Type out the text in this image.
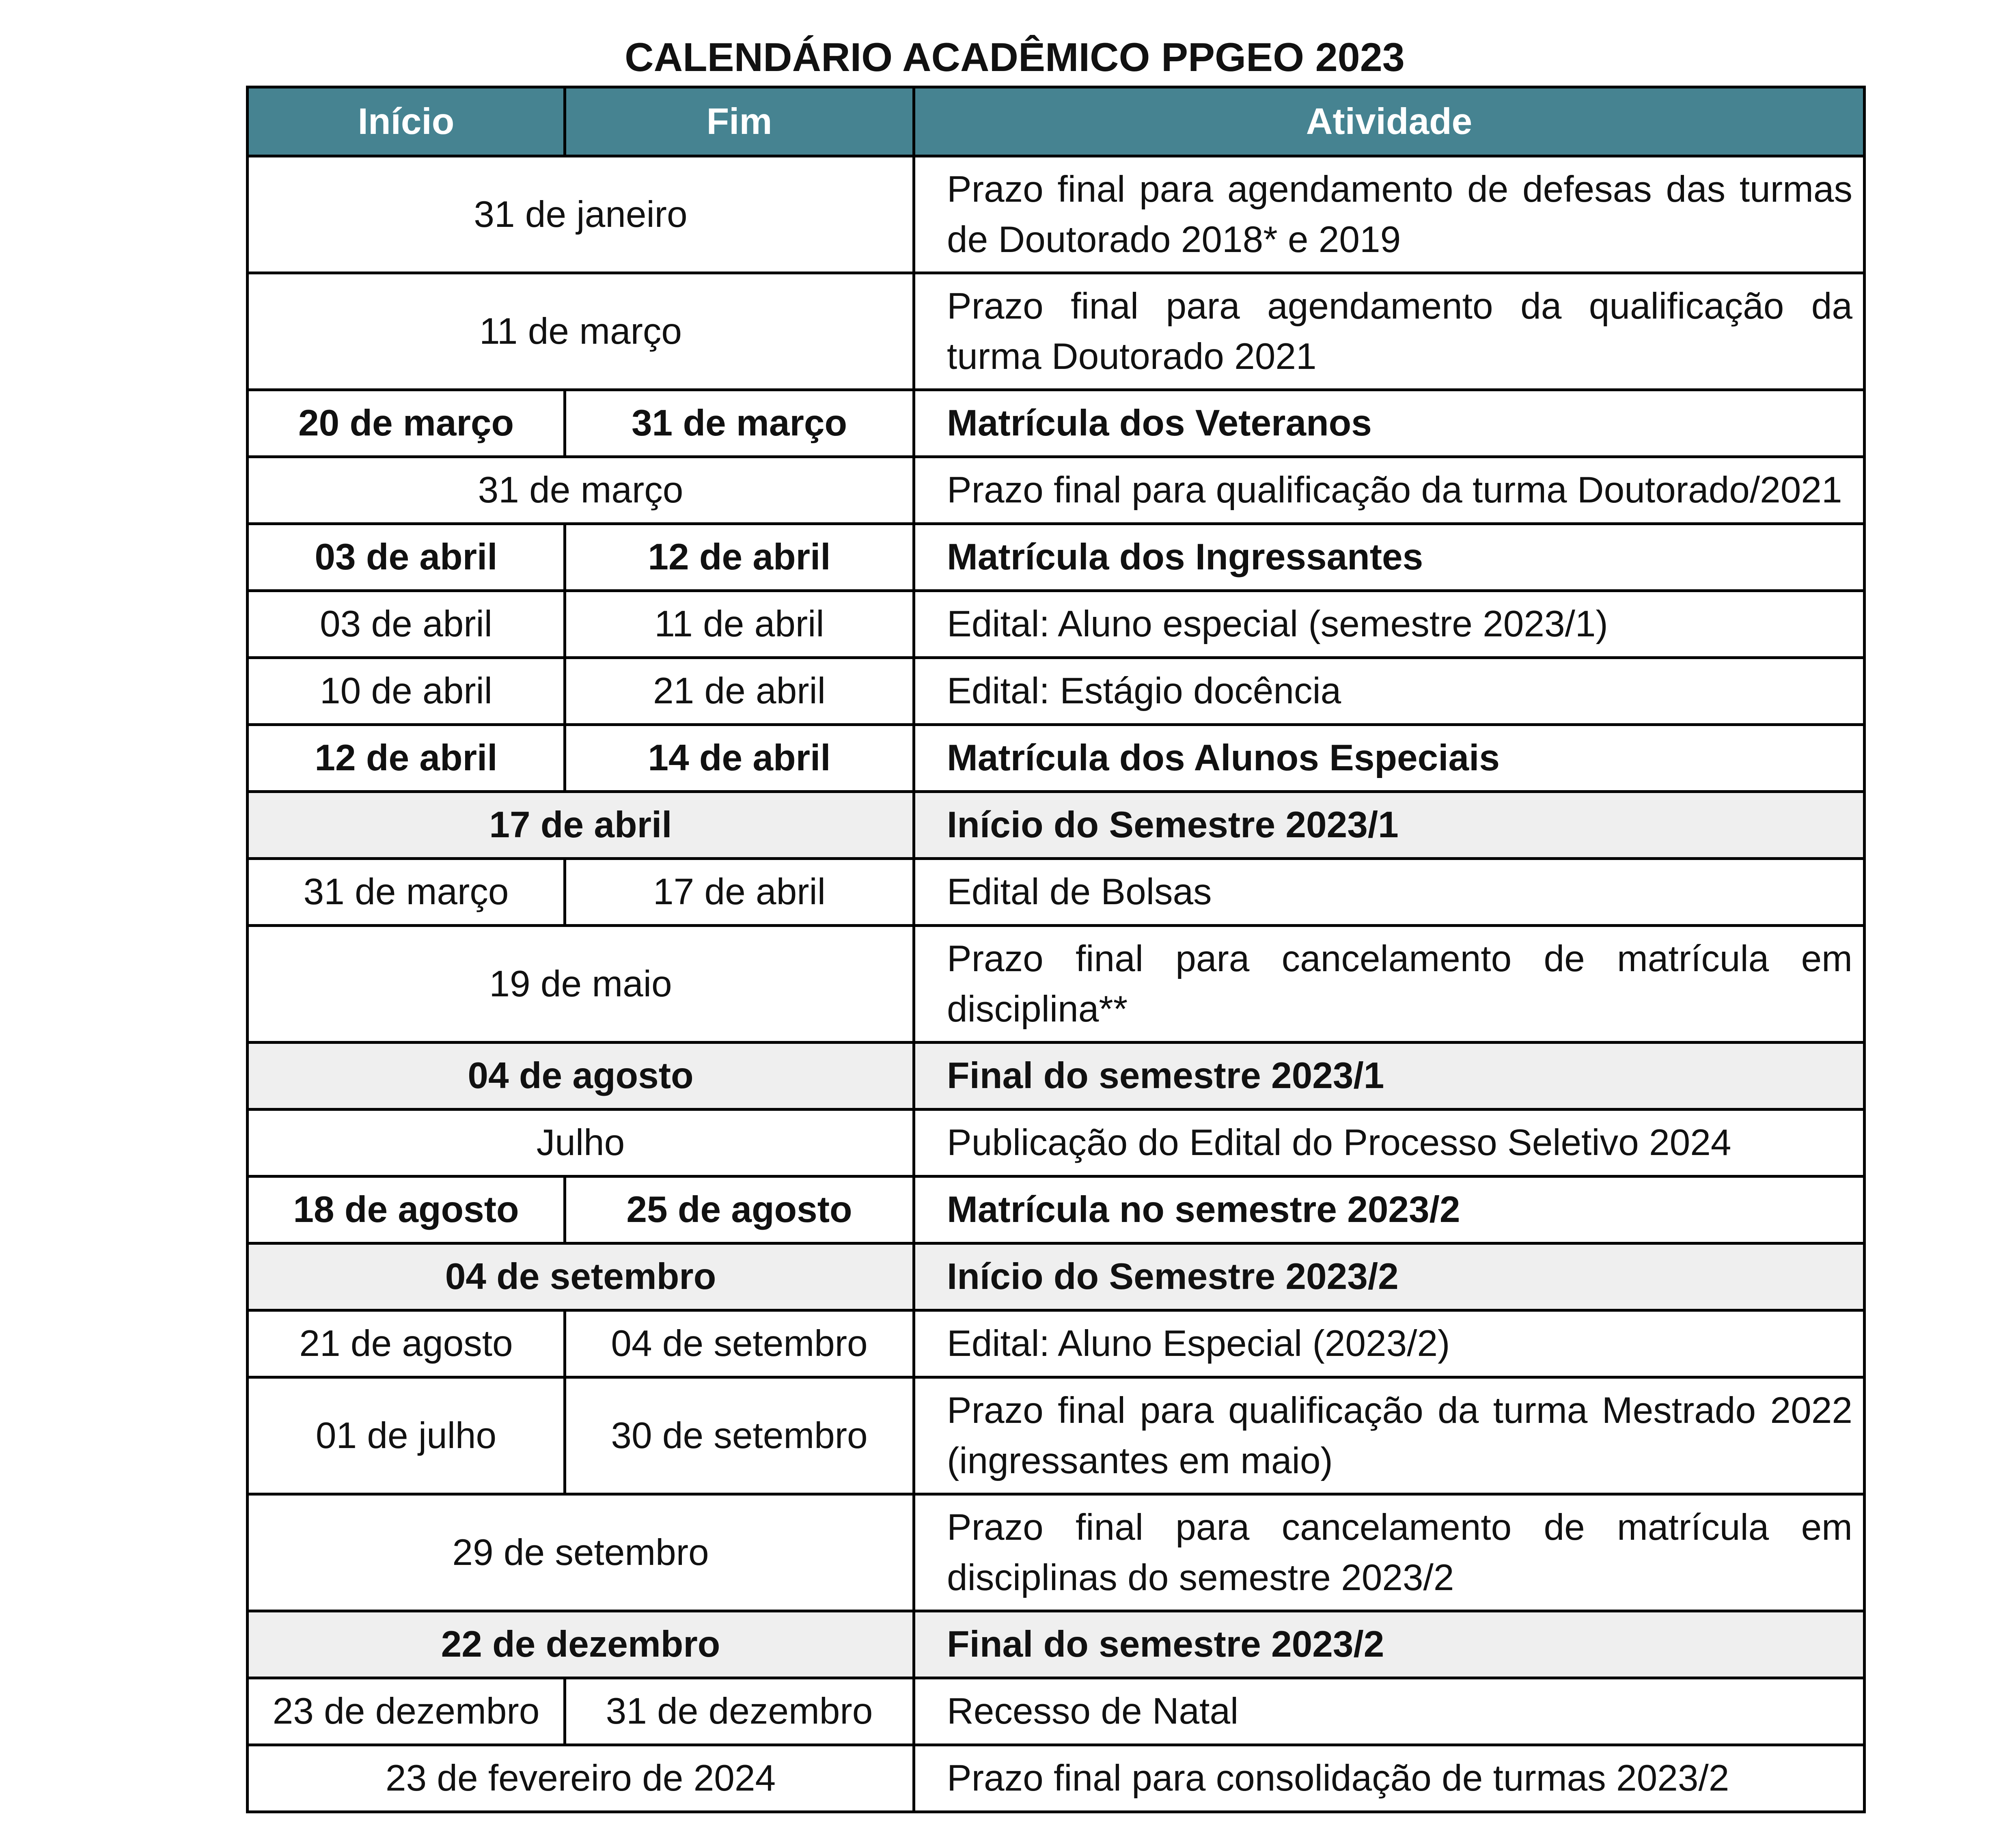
CALENDÁRIO ACADÊMICO PPGEO 2023
Início	Fim	Atividade
31 de janeiro		Prazo final para agendamento de defesas das turmas de Doutorado 2018* e 2019
11 de março		Prazo final para agendamento da qualificação da turma Doutorado 2021
20 de março	31 de março	Matrícula dos Veteranos
31 de março		Prazo final para qualificação da turma Doutorado/2021
03 de abril	12 de abril	Matrícula dos Ingressantes
03 de abril	11 de abril	Edital: Aluno especial (semestre 2023/1)
10 de abril	21 de abril	Edital: Estágio docência
12 de abril	14 de abril	Matrícula dos Alunos Especiais
17 de abril		Início do Semestre 2023/1
31 de março	17 de abril	Edital de Bolsas
19 de maio		Prazo final para cancelamento de matrícula em disciplina**
04 de agosto		Final do semestre 2023/1
Julho		Publicação do Edital do Processo Seletivo 2024
18 de agosto	25 de agosto	Matrícula no semestre 2023/2
04 de setembro		Início do Semestre 2023/2
21 de agosto	04 de setembro	Edital: Aluno Especial (2023/2)
01 de julho	30 de setembro	Prazo final para qualificação da turma Mestrado 2022 (ingressantes em maio)
29 de setembro		Prazo final para cancelamento de matrícula em disciplinas do semestre 2023/2
22 de dezembro		Final do semestre 2023/2
23 de dezembro	31 de dezembro	Recesso de Natal
23 de fevereiro de 2024		Prazo final para consolidação de turmas 2023/2
